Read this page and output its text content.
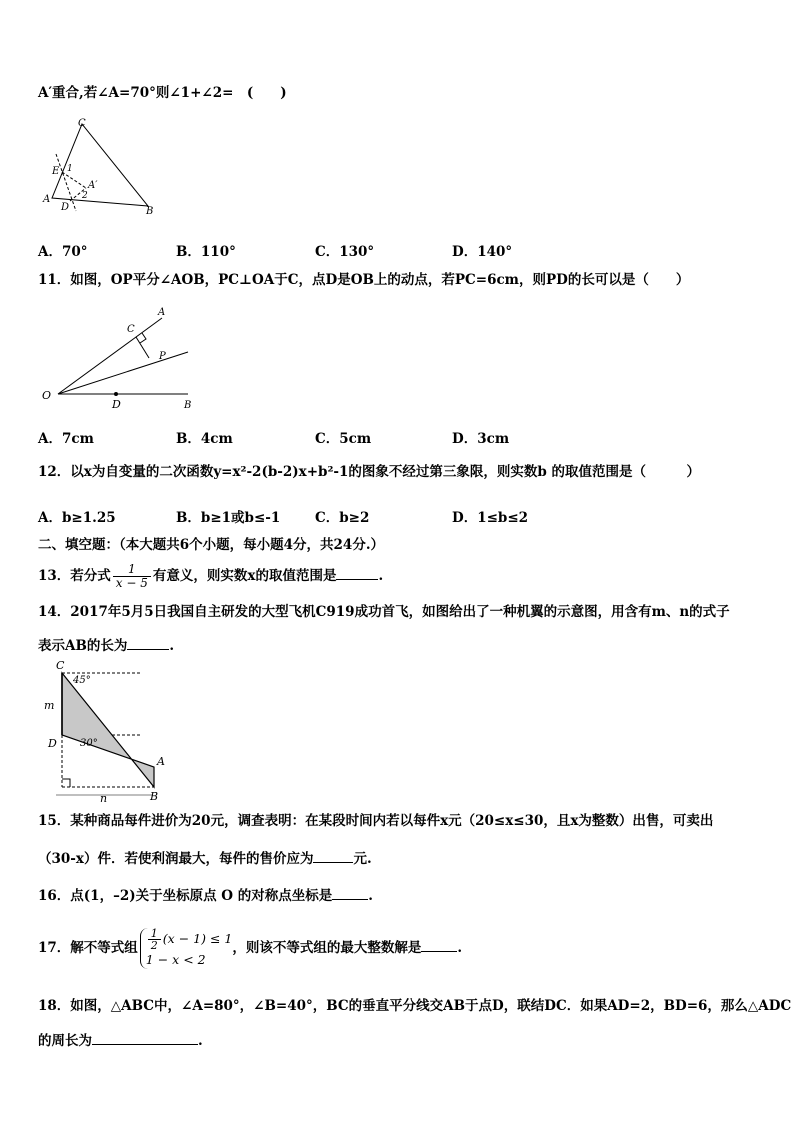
A′重合,若∠A=70°则∠1+∠2=　(　　)
C
E 1
A′
2
A
D	B
A．70°	B．110°	C．130°	D．140°
11．如图，OP平分∠AOB，PC⊥OA于C，点D是OB上的动点，若PC=6cm，则PD的长可以是（　　）
A
C
P
O
D	B
A．7cm	B．4cm	C．5cm	D．3cm
12．以x为自变量的二次函数y=x²-2(b-2)x+b²-1的图象不经过第三象限，则实数b 的取值范围是（　　　）
A．b≥1.25	B．b≥1或b≤-1	C．b≥2	D．1≤b≤2
二、填空题：（本大题共6个小题，每小题4分，共24分.）
13．若分式 $\frac{1}{x - 5}$ 有意义，则实数x的取值范围是	.
14．2017年5月5日我国自主研发的大型飞机C919成功首飞，如图给出了一种机翼的示意图，用含有m、n的式子
表示AB的长为	.
C
45°
m
D 30°
A
n	B
15．某种商品每件进价为20元，调查表明：在某段时间内若以每件x元（20≤x≤30，且x为整数）出售，可卖出
（30-x）件．若使利润最大，每件的售价应为	元.
16．点(1，–2)关于坐标原点 O 的对称点坐标是	.
17．解不等式组 $\frac{1}{2} (x - 1) \le 1$
1 − x < 2
，则该不等式组的最大整数解是	.
18．如图，△ABC中，∠A=80°，∠B=40°，BC的垂直平分线交AB于点D，联结DC．如果AD=2，BD=6，那么△ADC
的周长为	.
